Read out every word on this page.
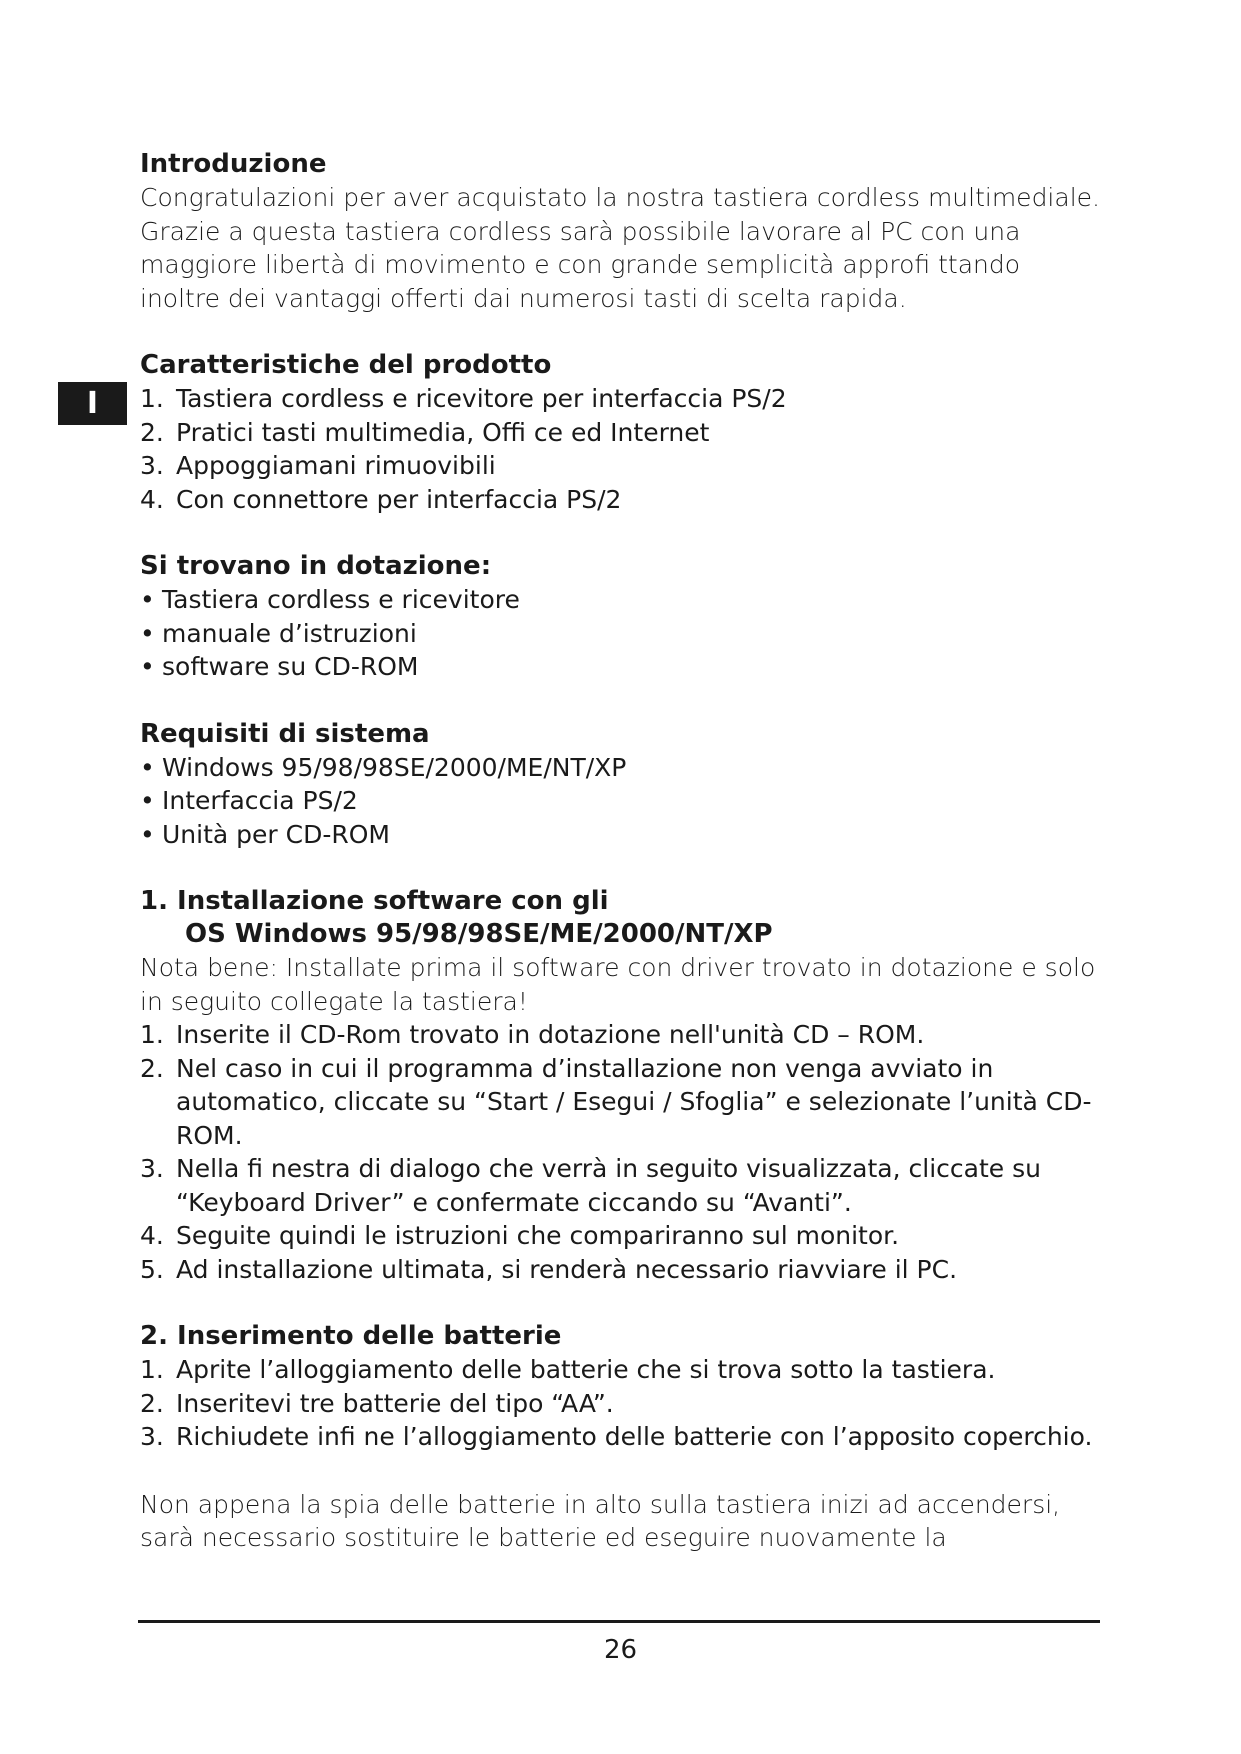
I
Introduzione

Congratulazioni per aver acquistato la nostra tastiera cordless multimediale. Grazie a questa tastiera cordless sarà possibile lavorare al PC con una maggiore libertà di movimento e con grande semplicità approfi ttando inoltre dei vantaggi offerti dai numerosi tasti di scelta rapida.

Caratteristiche del prodotto
1. Tastiera cordless e ricevitore per interfaccia PS/2
2. Pratici tasti multimedia, Offi ce ed Internet
3. Appoggiamani rimuovibili
4. Con connettore per interfaccia PS/2
Si trovano in dotazione:
• Tastiera cordless e ricevitore
• manuale d’istruzioni
• software su CD-ROM
Requisiti di sistema
• Windows 95/98/98SE/2000/ME/NT/XP
• Interfaccia PS/2
• Unità per CD-ROM
1. Installazione software con gli
OS Windows 95/98/98SE/ME/2000/NT/XP

Nota bene: Installate prima il software con driver trovato in dotazione e solo in seguito collegate la tastiera!

1. Inserite il CD-Rom trovato in dotazione nell'unità CD – ROM.
2. Nel caso in cui il programma d’installazione non venga avviato in automatico, cliccate su “Start / Esegui / Sfoglia” e selezionate l’unità CD-ROM.
3. Nella fi nestra di dialogo che verrà in seguito visualizzata, cliccate su “Keyboard Driver” e confermate ciccando su “Avanti”.
4. Seguite quindi le istruzioni che compariranno sul monitor.
5. Ad installazione ultimata, si renderà necessario riavviare il PC.
2. Inserimento delle batterie
1. Aprite l’alloggiamento delle batterie che si trova sotto la tastiera.
2. Inseritevi tre batterie del tipo “AA”.
3. Richiudete infi ne l’alloggiamento delle batterie con l’apposito coperchio.

Non appena la spia delle batterie in alto sulla tastiera inizi ad accendersi, sarà necessario sostituire le batterie ed eseguire nuovamente la

26
